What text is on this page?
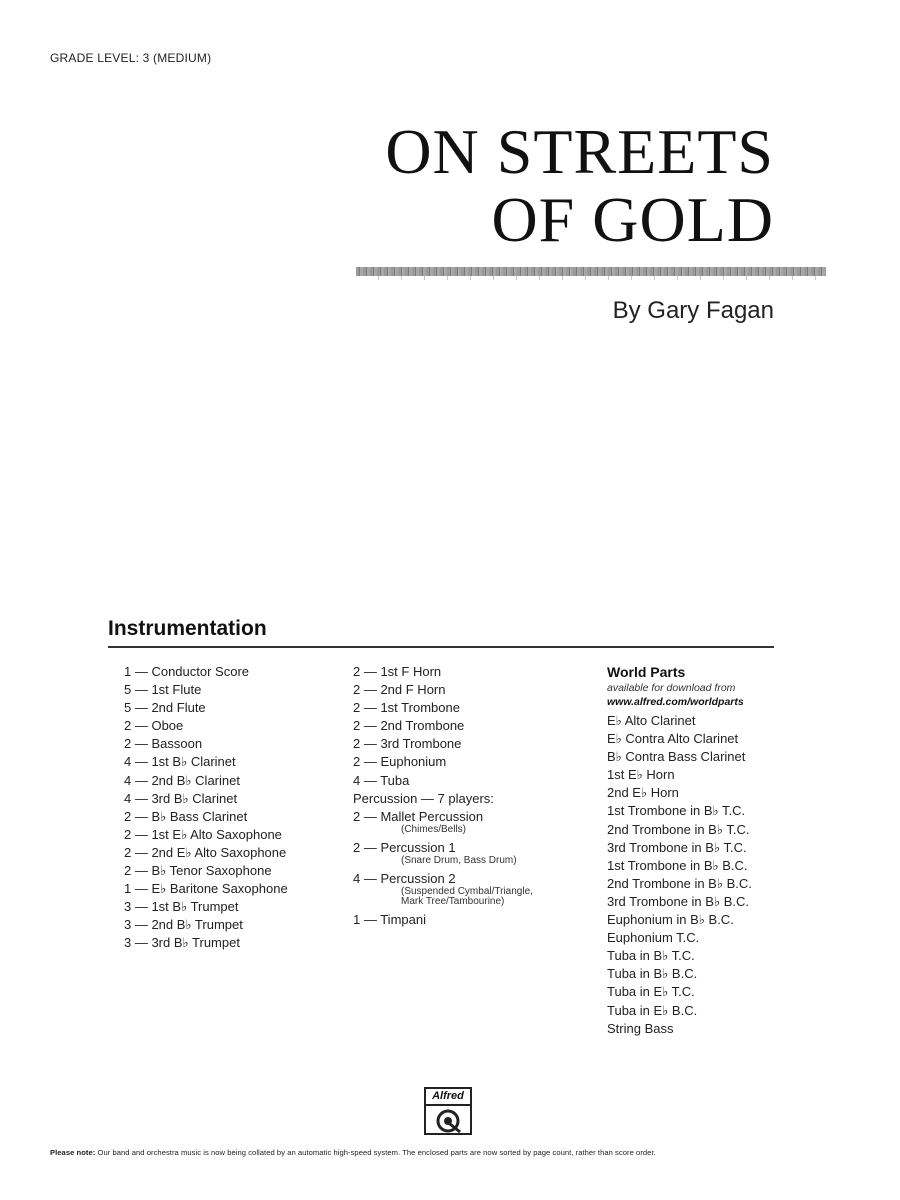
GRADE LEVEL: 3 (MEDIUM)
ON STREETS
OF GOLD
By Gary Fagan
Instrumentation
1 — Conductor Score
5 — 1st Flute
5 — 2nd Flute
2 — Oboe
2 — Bassoon
4 — 1st B♭ Clarinet
4 — 2nd B♭ Clarinet
4 — 3rd B♭ Clarinet
2 — B♭ Bass Clarinet
2 — 1st E♭ Alto Saxophone
2 — 2nd E♭ Alto Saxophone
2 — B♭ Tenor Saxophone
1 — E♭ Baritone Saxophone
3 — 1st B♭ Trumpet
3 — 2nd B♭ Trumpet
3 — 3rd B♭ Trumpet
2 — 1st F Horn
2 — 2nd F Horn
2 — 1st Trombone
2 — 2nd Trombone
2 — 3rd Trombone
2 — Euphonium
4 — Tuba
Percussion — 7 players:
2 — Mallet Percussion
(Chimes/Bells)
2 — Percussion 1
(Snare Drum, Bass Drum)
4 — Percussion 2
(Suspended Cymbal/Triangle,
Mark Tree/Tambourine)
1 — Timpani
World Parts
available for download from
www.alfred.com/worldparts
E♭ Alto Clarinet
E♭ Contra Alto Clarinet
B♭ Contra Bass Clarinet
1st E♭ Horn
2nd E♭ Horn
1st Trombone in B♭ T.C.
2nd Trombone in B♭ T.C.
3rd Trombone in B♭ T.C.
1st Trombone in B♭ B.C.
2nd Trombone in B♭ B.C.
3rd Trombone in B♭ B.C.
Euphonium in B♭ B.C.
Euphonium T.C.
Tuba in B♭ T.C.
Tuba in B♭ B.C.
Tuba in E♭ T.C.
Tuba in E♭ B.C.
String Bass
Alfred
Please note: Our band and orchestra music is now being collated by an automatic high-speed system. The enclosed parts are now sorted by page count, rather than score order.
